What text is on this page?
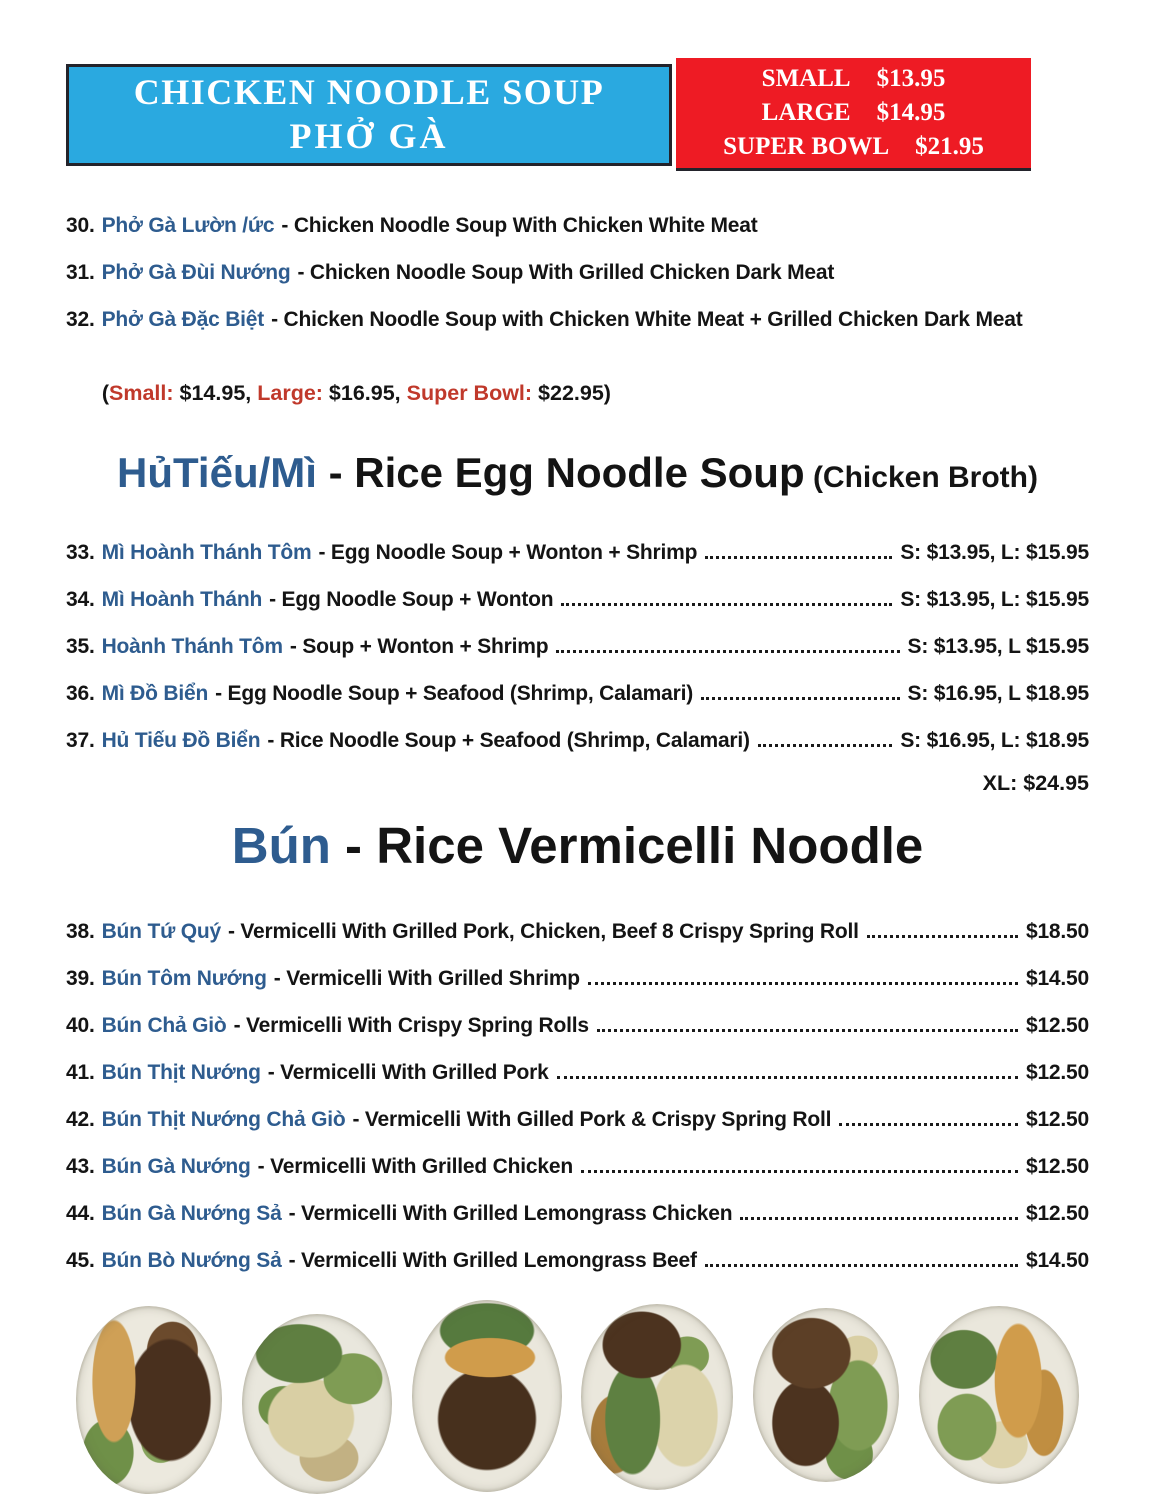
CHICKEN NOODLE SOUP
PHỞ GÀ
SMALL $13.95
LARGE $14.95
SUPER BOWL $21.95
30. Phở Gà Lườn /ức - Chicken Noodle Soup With Chicken White Meat
31. Phở Gà Đùi Nướng - Chicken Noodle Soup With Grilled Chicken Dark Meat
32. Phở Gà Đặc Biệt - Chicken Noodle Soup with Chicken White Meat + Grilled Chicken Dark Meat

(Small: $14.95, Large: $16.95, Super Bowl: $22.95)

HủTiếu/Mì - Rice Egg Noodle Soup (Chicken Broth)
33. Mì Hoành Thánh Tôm - Egg Noodle Soup + Wonton + Shrimp	S: $13.95, L: $15.95
34. Mì Hoành Thánh - Egg Noodle Soup + Wonton	S: $13.95, L: $15.95
35. Hoành Thánh Tôm - Soup + Wonton + Shrimp	S: $13.95, L $15.95
36. Mì Đồ Biển - Egg Noodle Soup + Seafood (Shrimp, Calamari)	S: $16.95, L $18.95
37. Hủ Tiếu Đồ Biển - Rice Noodle Soup + Seafood (Shrimp, Calamari)	S: $16.95, L: $18.95
XL: $24.95
Bún - Rice Vermicelli Noodle
38. Bún Tứ Quý - Vermicelli With Grilled Pork, Chicken, Beef 8 Crispy Spring Roll	$18.50
39. Bún Tôm Nướng - Vermicelli With Grilled Shrimp	$14.50
40. Bún Chả Giò - Vermicelli With Crispy Spring Rolls	$12.50
41. Bún Thịt Nướng - Vermicelli With Grilled Pork	$12.50
42. Bún Thịt Nướng Chả Giò - Vermicelli With Gilled Pork & Crispy Spring Roll	$12.50
43. Bún Gà Nướng - Vermicelli With Grilled Chicken	$12.50
44. Bún Gà Nướng Sả - Vermicelli With Grilled Lemongrass Chicken	$12.50
45. Bún Bò Nướng Sả - Vermicelli With Grilled Lemongrass Beef	$14.50
